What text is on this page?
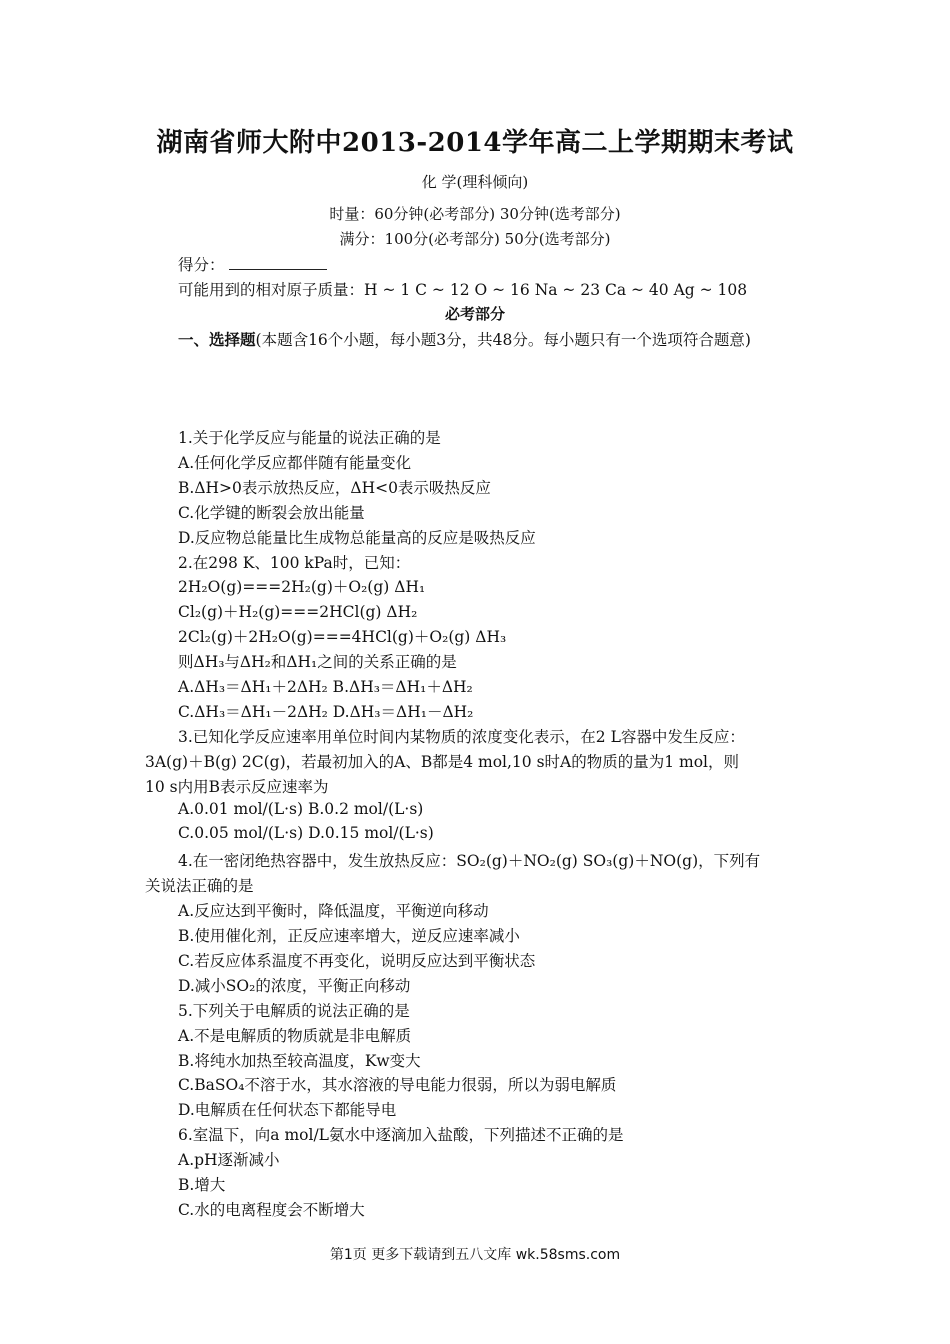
湖南省师大附中2013-2014学年高二上学期期末考试
化 学(理科倾向)
时量：60分钟(必考部分) 30分钟(选考部分)
满分：100分(必考部分) 50分(选考部分)
得分：
可能用到的相对原子质量：H ~ 1 C ~ 12 O ~ 16 Na ~ 23 Ca ~ 40 Ag ~ 108
必考部分
一、选择题(本题含16个小题，每小题3分，共48分。每小题只有一个选项符合题意)
1.关于化学反应与能量的说法正确的是
A.任何化学反应都伴随有能量变化
B.ΔH>0表示放热反应，ΔH<0表示吸热反应
C.化学键的断裂会放出能量
D.反应物总能量比生成物总能量高的反应是吸热反应
2.在298 K、100 kPa时，已知：
2H₂O(g)===2H₂(g)＋O₂(g) ΔH₁
Cl₂(g)＋H₂(g)===2HCl(g) ΔH₂
2Cl₂(g)＋2H₂O(g)===4HCl(g)＋O₂(g) ΔH₃
则ΔH₃与ΔH₂和ΔH₁之间的关系正确的是
A.ΔH₃＝ΔH₁＋2ΔH₂ B.ΔH₃＝ΔH₁＋ΔH₂
C.ΔH₃＝ΔH₁－2ΔH₂ D.ΔH₃＝ΔH₁－ΔH₂
3.已知化学反应速率用单位时间内某物质的浓度变化表示，在2 L容器中发生反应：
3A(g)＋B(g) 2C(g)，若最初加入的A、B都是4 mol,10 s时A的物质的量为1 mol，则
10 s内用B表示反应速率为
A.0.01 mol/(L·s) B.0.2 mol/(L·s)
C.0.05 mol/(L·s) D.0.15 mol/(L·s)
4.在一密闭绝热容器中，发生放热反应：SO₂(g)＋NO₂(g) SO₃(g)＋NO(g)，下列有
关说法正确的是
A.反应达到平衡时，降低温度，平衡逆向移动
B.使用催化剂，正反应速率增大，逆反应速率减小
C.若反应体系温度不再变化，说明反应达到平衡状态
D.减小SO₂的浓度，平衡正向移动
5.下列关于电解质的说法正确的是
A.不是电解质的物质就是非电解质
B.将纯水加热至较高温度，Kw变大
C.BaSO₄不溶于水，其水溶液的导电能力很弱，所以为弱电解质
D.电解质在任何状态下都能导电
6.室温下，向a mol/L氨水中逐滴加入盐酸，下列描述不正确的是
A.pH逐渐减小
B.增大
C.水的电离程度会不断增大
第1页 更多下载请到五八文库 wk.58sms.com
